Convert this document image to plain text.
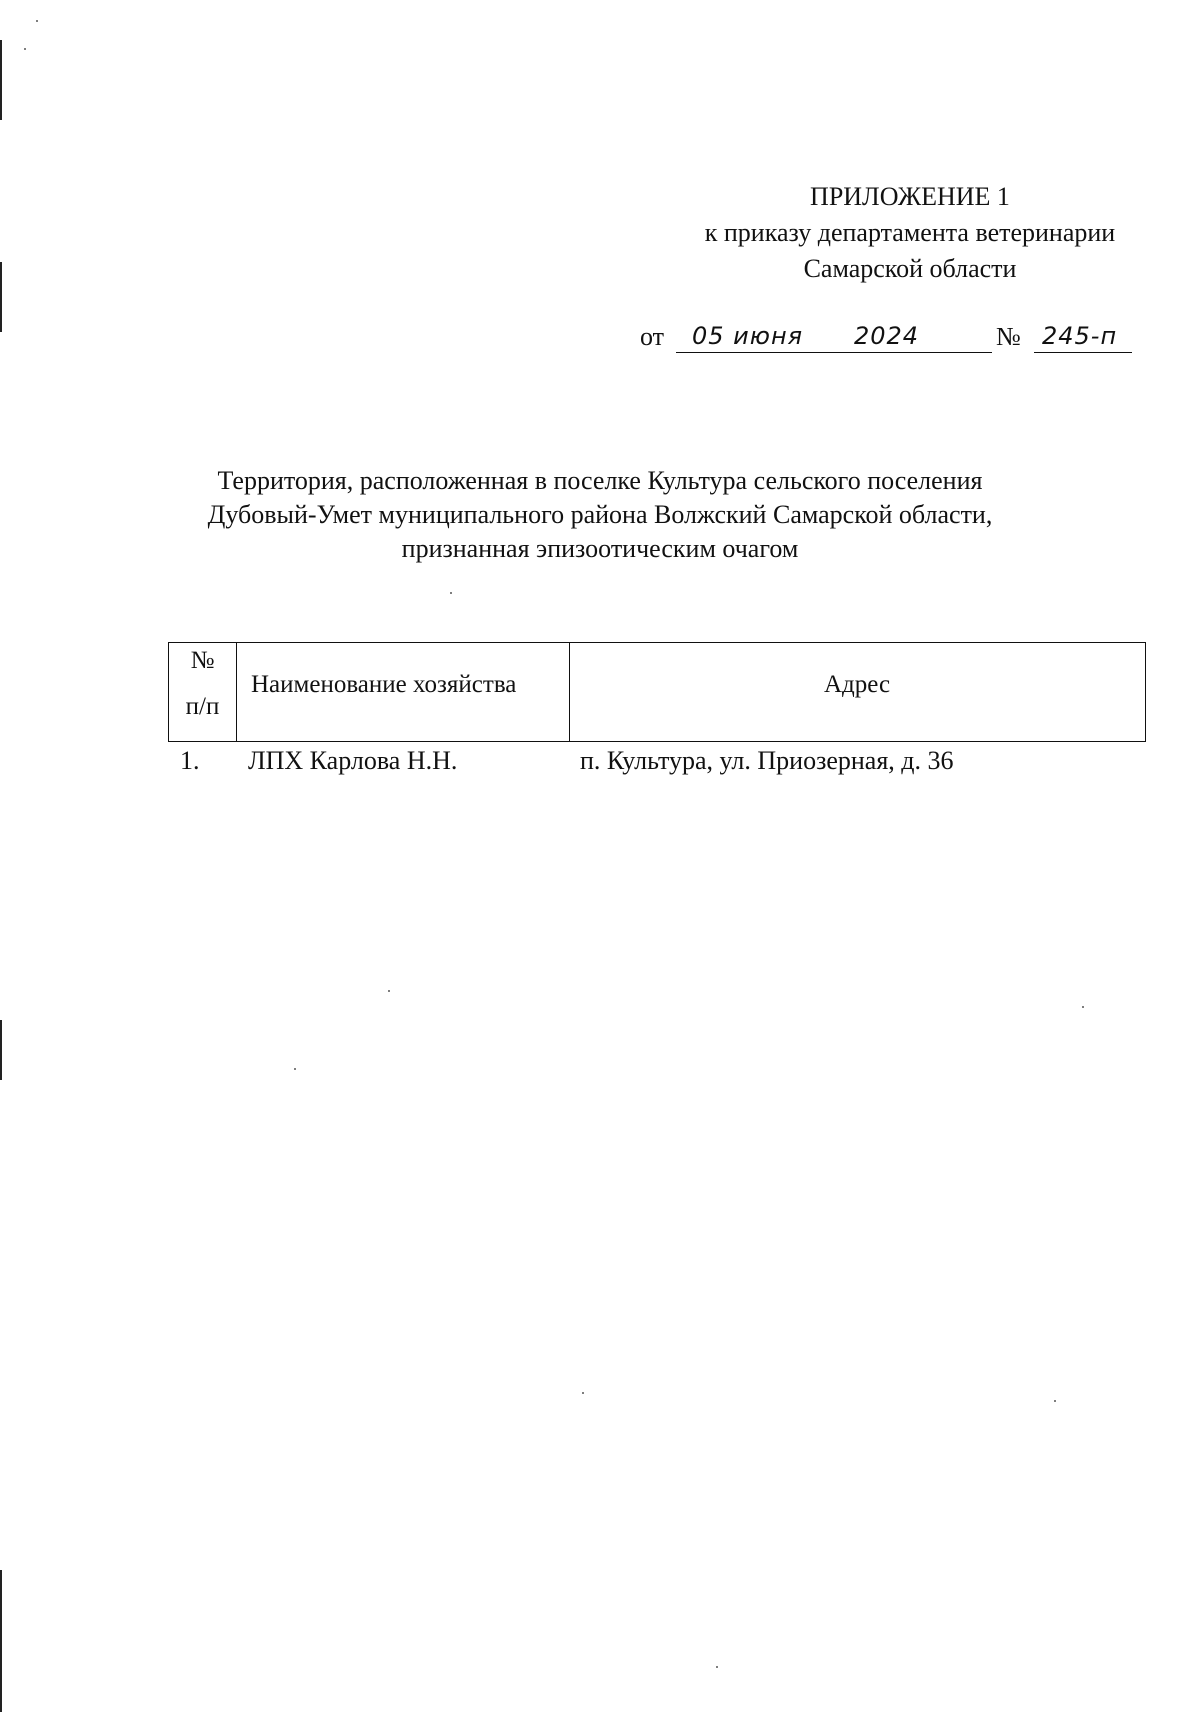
ПРИЛОЖЕНИЕ 1
к приказу департамента ветеринарии
Самарской области
от 05 июня 2024	№ 245-п
Территория, расположенная в поселке Культура сельского поселения
Дубовый-Умет муниципального района Волжский Самарской области,
признанная эпизоотическим очагом
№
п/п
Наименование хозяйства	Адрес
1. ЛПХ Карлова Н.Н.	п. Культура, ул. Приозерная, д. 36
